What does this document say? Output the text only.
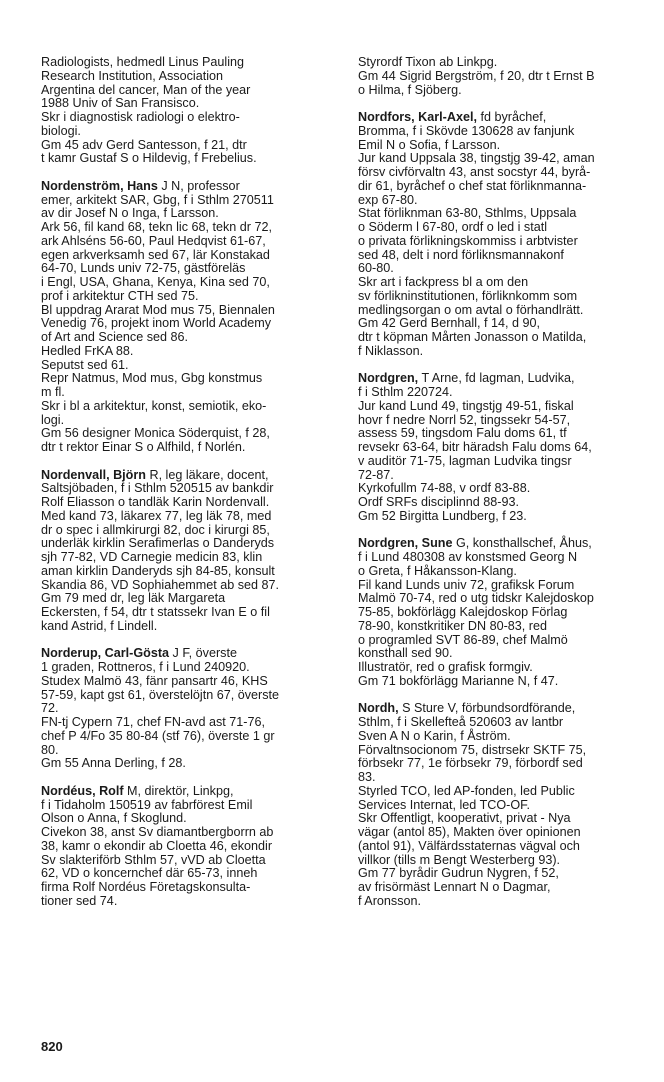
Radiologists, hedmedl Linus Pauling
Research Institution, Association
Argentina del cancer, Man of the year
1988 Univ of San Fransisco.
Skr i diagnostisk radiologi o elektro-
biologi.
Gm 45 adv Gerd Santesson, f 21, dtr
t kamr Gustaf S o Hildevig, f Frebelius.
Nordenström, Hans J N, professor
emer, arkitekt SAR, Gbg, f i Sthlm 270511
av dir Josef N o Inga, f Larsson.
Ark 56, fil kand 68, tekn lic 68, tekn dr 72,
ark Ahlséns 56-60, Paul Hedqvist 61-67,
egen arkverksamh sed 67, lär Konstakad
64-70, Lunds univ 72-75, gästföreläs
i Engl, USA, Ghana, Kenya, Kina sed 70,
prof i arkitektur CTH sed 75.
Bl uppdrag Ararat Mod mus 75, Biennalen
Venedig 76, projekt inom World Academy
of Art and Science sed 86.
Hedled FrKA 88.
Seputst sed 61.
Repr Natmus, Mod mus, Gbg konstmus
m fl.
Skr i bl a arkitektur, konst, semiotik, eko-
logi.
Gm 56 designer Monica Söderquist, f 28,
dtr t rektor Einar S o Alfhild, f Norlén.
Nordenvall, Björn R, leg läkare, docent,
Saltsjöbaden, f i Sthlm 520515 av bankdir
Rolf Eliasson o tandläk Karin Nordenvall.
Med kand 73, läkarex 77, leg läk 78, med
dr o spec i allmkirurgi 82, doc i kirurgi 85,
underläk kirklin Serafimerlas o Danderyds
sjh 77-82, VD Carnegie medicin 83, klin
aman kirklin Danderyds sjh 84-85, konsult
Skandia 86, VD Sophiahemmet ab sed 87.
Gm 79 med dr, leg läk Margareta
Eckersten, f 54, dtr t statssekr Ivan E o fil
kand Astrid, f Lindell.
Norderup, Carl-Gösta J F, överste
1 graden, Rottneros, f i Lund 240920.
Studex Malmö 43, fänr pansartr 46, KHS
57-59, kapt gst 61, överstelöjtn 67, överste
72.
FN-tj Cypern 71, chef FN-avd ast 71-76,
chef P 4/Fo 35 80-84 (stf 76), överste 1 gr
80.
Gm 55 Anna Derling, f 28.
Nordéus, Rolf M, direktör, Linkpg,
f i Tidaholm 150519 av fabrförest Emil
Olson o Anna, f Skoglund.
Civekon 38, anst Sv diamantbergborrn ab
38, kamr o ekondir ab Cloetta 46, ekondir
Sv slakteriförb Sthlm 57, vVD ab Cloetta
62, VD o koncernchef där 65-73, inneh
firma Rolf Nordéus Företagskonsulta-
tioner sed 74.
Styrordf Tixon ab Linkpg.
Gm 44 Sigrid Bergström, f 20, dtr t Ernst B
o Hilma, f Sjöberg.
Nordfors, Karl-Axel, fd byråchef,
Bromma, f i Skövde 130628 av fanjunk
Emil N o Sofia, f Larsson.
Jur kand Uppsala 38, tingstjg 39-42, aman
försv civförvaltn 43, anst socstyr 44, byrå-
dir 61, byråchef o chef stat förliknmanna-
exp 67-80.
Stat förliknman 63-80, Sthlms, Uppsala
o Söderm l 67-80, ordf o led i statl
o privata förlikningskommiss i arbtvister
sed 48, delt i nord förliknsmannakonf
60-80.
Skr art i fackpress bl a om den
sv förlikninstitutionen, förliknkomm som
medlingsorgan o om avtal o förhandlrätt.
Gm 42 Gerd Bernhall, f 14, d 90,
dtr t köpman Mårten Jonasson o Matilda,
f Niklasson.
Nordgren, T Arne, fd lagman, Ludvika,
f i Sthlm 220724.
Jur kand Lund 49, tingstjg 49-51, fiskal
hovr f nedre Norrl 52, tingssekr 54-57,
assess 59, tingsdom Falu doms 61, tf
revsekr 63-64, bitr häradsh Falu doms 64,
v auditör 71-75, lagman Ludvika tingsr
72-87.
Kyrkofullm 74-88, v ordf 83-88.
Ordf SRFs disciplinnd 88-93.
Gm 52 Birgitta Lundberg, f 23.
Nordgren, Sune G, konsthallschef, Åhus,
f i Lund 480308 av konstsmed Georg N
o Greta, f Håkansson-Klang.
Fil kand Lunds univ 72, grafiksk Forum
Malmö 70-74, red o utg tidskr Kalejdoskop
75-85, bokförlägg Kalejdoskop Förlag
78-90, konstkritiker DN 80-83, red
o programled SVT 86-89, chef Malmö
konsthall sed 90.
Illustratör, red o grafisk formgiv.
Gm 71 bokförlägg Marianne N, f 47.
Nordh, S Sture V, förbundsordförande,
Sthlm, f i Skellefteå 520603 av lantbr
Sven A N o Karin, f Åström.
Förvaltnsocionom 75, distrsekr SKTF 75,
förbsekr 77, 1e förbsekr 79, förbordf sed
83.
Styrled TCO, led AP-fonden, led Public
Services Internat, led TCO-OF.
Skr Offentligt, kooperativt, privat - Nya
vägar (antol 85), Makten över opinionen
(antol 91), Välfärdsstaternas vägval och
villkor (tills m Bengt Westerberg 93).
Gm 77 byrådir Gudrun Nygren, f 52,
av frisörmäst Lennart N o Dagmar,
f Aronsson.
820
